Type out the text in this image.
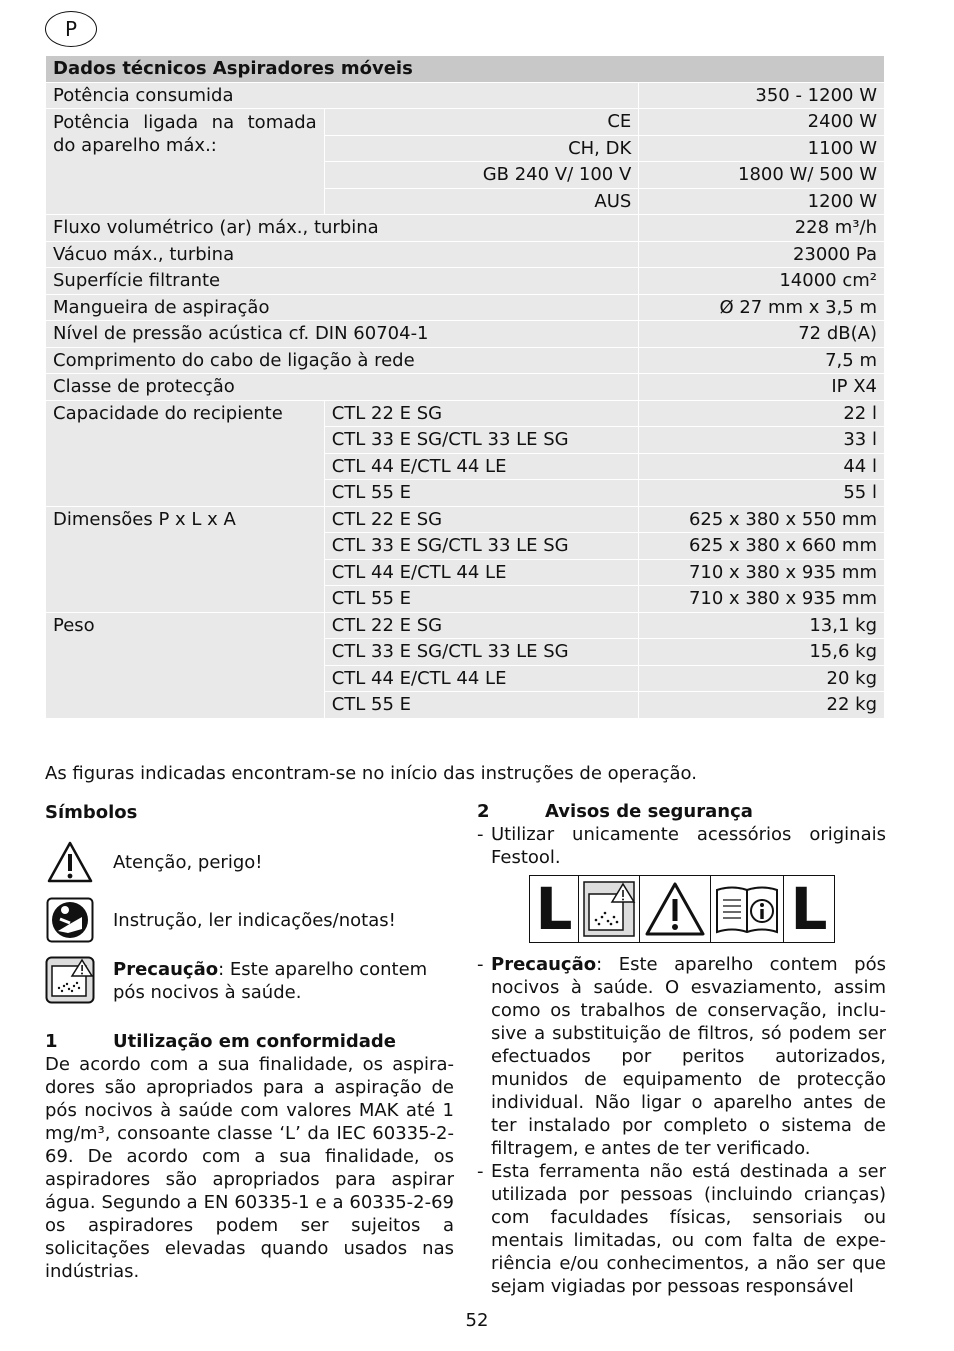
P
Dados técnicos Aspiradores móveis		
Potência consumida		350 - 1200 W
Potência ligada na tomada do aparelho máx.:	CE	2400 W
	CH, DK	1100 W
	GB 240 V/ 100 V	1800 W/ 500 W
	AUS	1200 W
Fluxo volumétrico (ar) máx., turbina		228 m³/h
Vácuo máx., turbina		23000 Pa
Superfície filtrante		14000 cm²
Mangueira de aspiração		Ø 27 mm x 3,5 m
Nível de pressão acústica cf. DIN 60704-1		72 dB(A)
Comprimento do cabo de ligação à rede		7,5 m
Classe de protecção		IP X4
Capacidade do recipiente	CTL 22 E SG	22 l
	CTL 33 E SG/CTL 33 LE SG	33 l
	CTL 44 E/CTL 44 LE	44 l
	CTL 55 E	55 l
Dimensões P x L x A	CTL 22 E SG	625 x 380 x 550 mm
	CTL 33 E SG/CTL 33 LE SG	625 x 380 x 660 mm
	CTL 44 E/CTL 44 LE	710 x 380 x 935 mm
	CTL 55 E	710 x 380 x 935 mm
Peso	CTL 22 E SG	13,1 kg
	CTL 33 E SG/CTL 33 LE SG	15,6 kg
	CTL 44 E/CTL 44 LE	20 kg
	CTL 55 E	22 kg
As figuras indicadas encontram-se no início das instruções de operação.
Símbolos
Atenção, perigo!
Instrução, ler indicações/notas!
Precaução: Este aparelho contem pós nocivos à saúde.
1	Utilização em conformidade
De acordo com a sua finalidade, os aspira-dores são apropriados para a aspiração de pós nocivos à saúde com valores MAK até 1 mg/m³, consoante classe ‘L’ da IEC 60335-2-69. De acordo com a sua finalidade, os aspiradores são apropriados para aspirar água. Segundo a EN 60335-1 e a 60335-2-69 os aspiradores podem ser sujeitos a solicitações elevadas quando usados nas indústrias.
2	Avisos de segurança
- Utilizar unicamente acessórios originais Festool.
L	L
- Precaução: Este aparelho contem pós nocivos à saúde. O esvaziamento, assim como os trabalhos de conservação, inclu-sive a substituição de filtros, só podem ser efectuados por peritos autorizados, munidos de equipamento de protecção individual. Não ligar o aparelho antes de ter instalado por completo o sistema de filtragem, e antes de ter verificado.
- Esta ferramenta não está destinada a ser utilizada por pessoas (incluindo crianças) com faculdades físicas, sensoriais ou mentais limitadas, ou com falta de expe-riência e/ou conhecimentos, a não ser que sejam vigiadas por pessoas responsável
52
